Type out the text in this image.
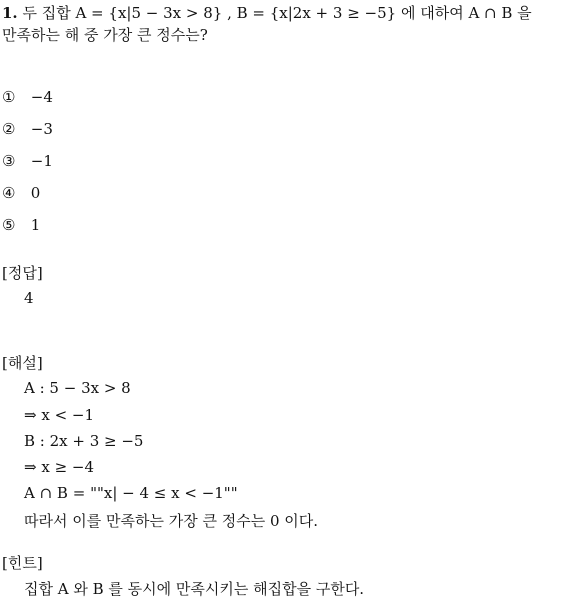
1. 두 집합 A = {x|5 − 3x > 8} , B = {x|2x + 3 ≥ −5} 에 대하여 A ∩ B 을
만족하는 해 중 가장 큰 정수는?
① −4
② −3
③ −1
④ 0
⑤ 1
[정답]
4
[해설]
A : 5 − 3x > 8
⇒ x < −1
B : 2x + 3 ≥ −5
⇒ x ≥ −4
A ∩ B = ""x| − 4 ≤ x < −1""
따라서 이를 만족하는 가장 큰 정수는 0 이다.
[힌트]
집합 A 와 B 를 동시에 만족시키는 해집합을 구한다.
